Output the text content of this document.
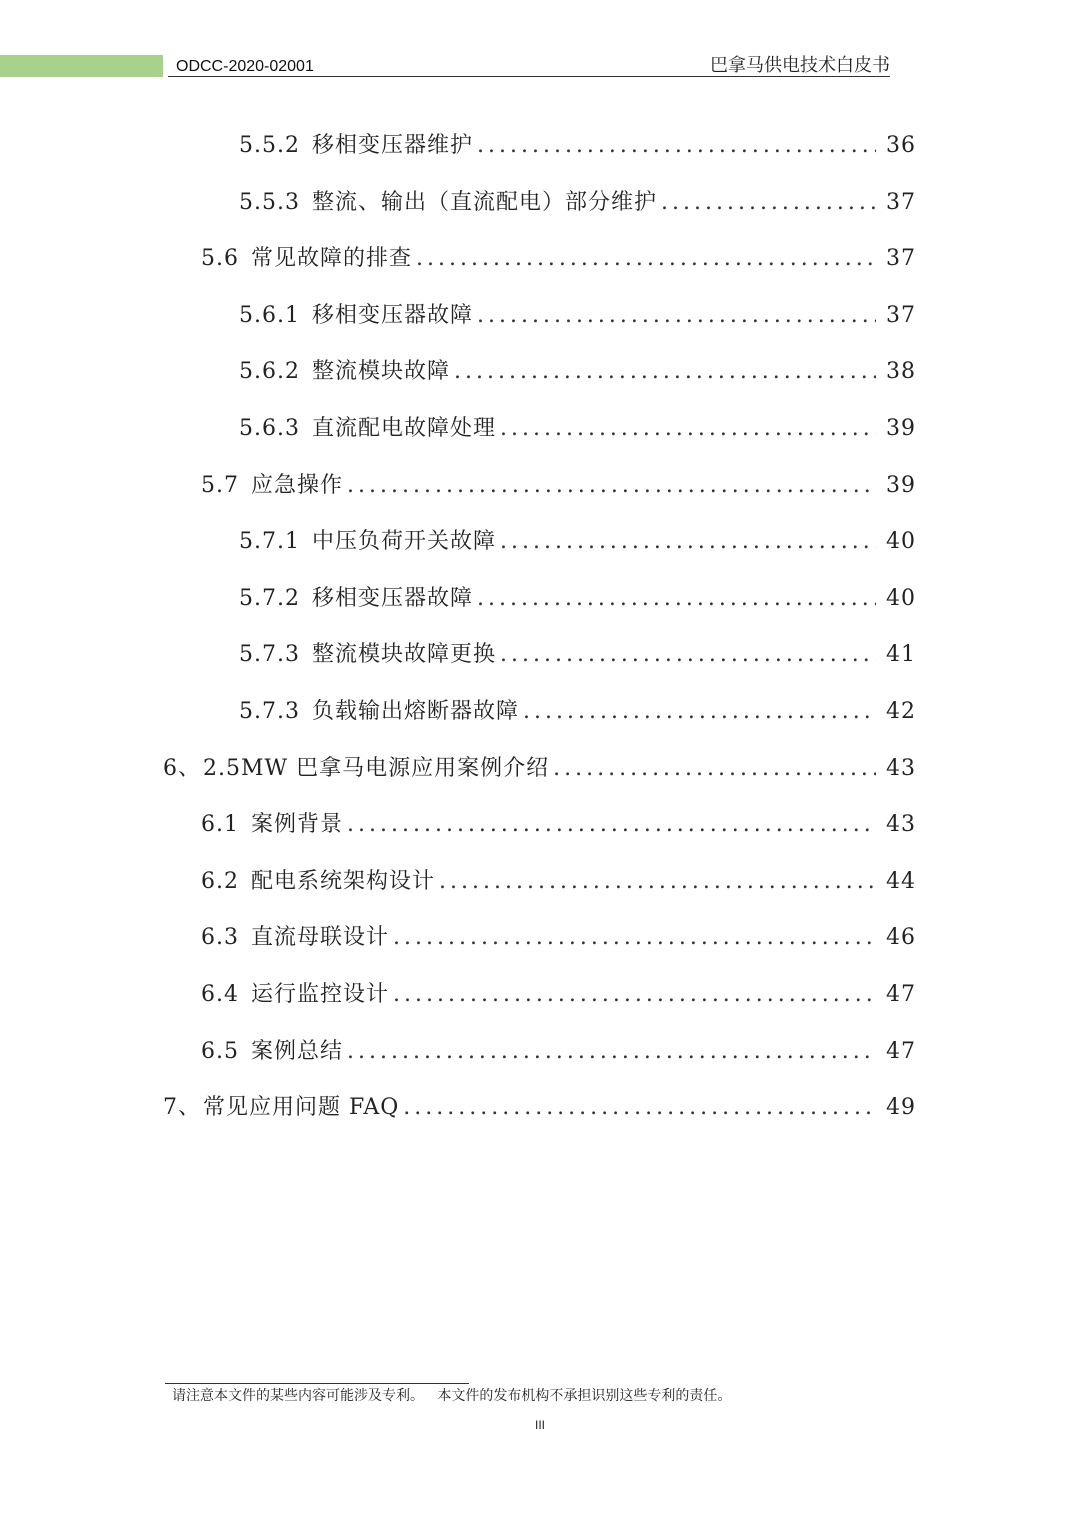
ODCC-2020-02001	巴拿马供电技术白皮书
5.5.2 移相变压器维护 .....	36
5.5.3 整流、输出（直流配电）部分维护 .....	37
5.6 常见故障的排查 .....	37
5.6.1 移相变压器故障 .....	37
5.6.2 整流模块故障 .....	38
5.6.3 直流配电故障处理 .....	39
5.7 应急操作 .....	39
5.7.1 中压负荷开关故障 .....	40
5.7.2 移相变压器故障 .....	40
5.7.3 整流模块故障更换 .....	41
5.7.3 负载输出熔断器故障 .....	42
6、 2.5MW 巴拿马电源应用案例介绍 .....	43
6.1 案例背景 .....	43
6.2 配电系统架构设计 .....	44
6.3 直流母联设计 .....	46
6.4 运行监控设计 .....	47
6.5 案例总结 .....	47
7、 常见应用问题 FAQ .....	49
请注意本文件的某些内容可能涉及专利。   本文件的发布机构不承担识别这些专利的责任。
III
